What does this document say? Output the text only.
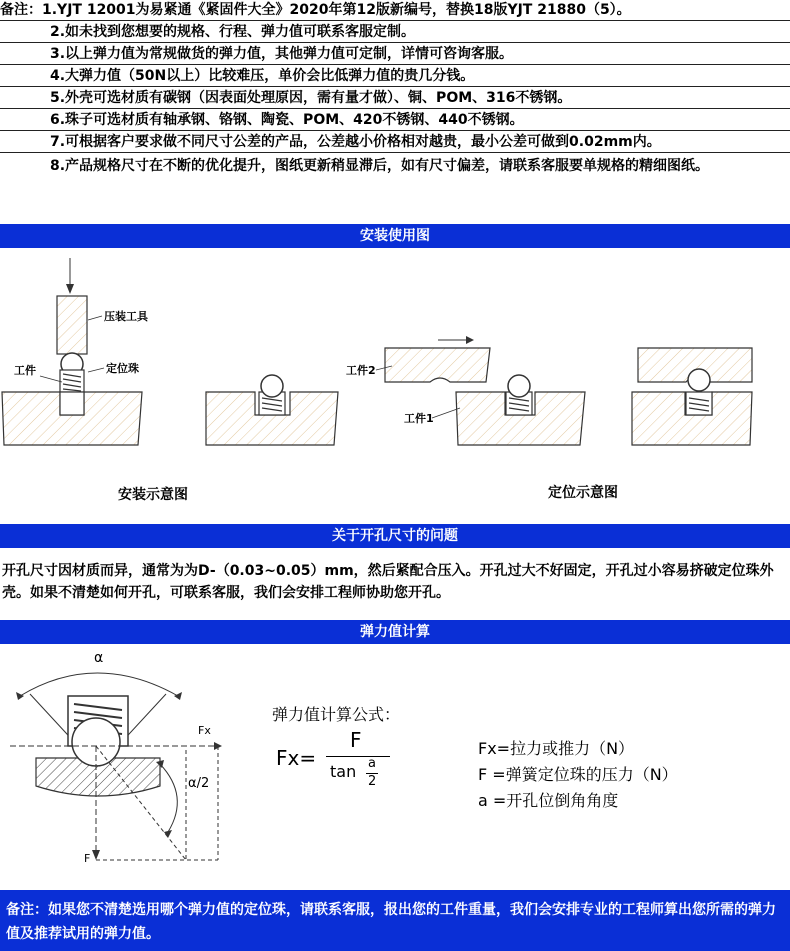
备注：1.YJT 12001为易紧通《紧固件大全》2020年第12版新编号，替换18版YJT 21880（5）。
2.如未找到您想要的规格、行程、弹力值可联系客服定制。
3.以上弹力值为常规做货的弹力值，其他弹力值可定制，详情可咨询客服。
4.大弹力值（50N以上）比较难压，单价会比低弹力值的贵几分钱。
5.外壳可选材质有碳钢（因表面处理原因，需有量才做）、铜、POM、316不锈钢。
6.珠子可选材质有轴承钢、铬钢、陶瓷、POM、420不锈钢、440不锈钢。
7.可根据客户要求做不同尺寸公差的产品，公差越小价格相对越贵，最小公差可做到0.02mm内。
8.产品规格尺寸在不断的优化提升，图纸更新稍显滞后，如有尺寸偏差，请联系客服要单规格的精细图纸。
安装使用图
压装工具
工件	定位珠	工件2
工件1
安装示意图	定位示意图
关于开孔尺寸的问题
开孔尺寸因材质而异，通常为为D-（0.03~0.05）mm，然后紧配合压入。开孔过大不好固定，开孔过小容易挤破定位珠外壳。如果不清楚如何开孔，可联系客服，我们会安排工程师协助您开孔。
弹力值计算
α
Fx
α/2
F
弹力值计算公式：
Fx=
F
tan a
2
Fx=拉力或推力（N）
F =弹簧定位珠的压力（N）
a =开孔位倒角角度
备注：如果您不清楚选用哪个弹力值的定位珠，请联系客服，报出您的工件重量，我们会安排专业的工程师算出您所需的弹力值及推荐试用的弹力值。
